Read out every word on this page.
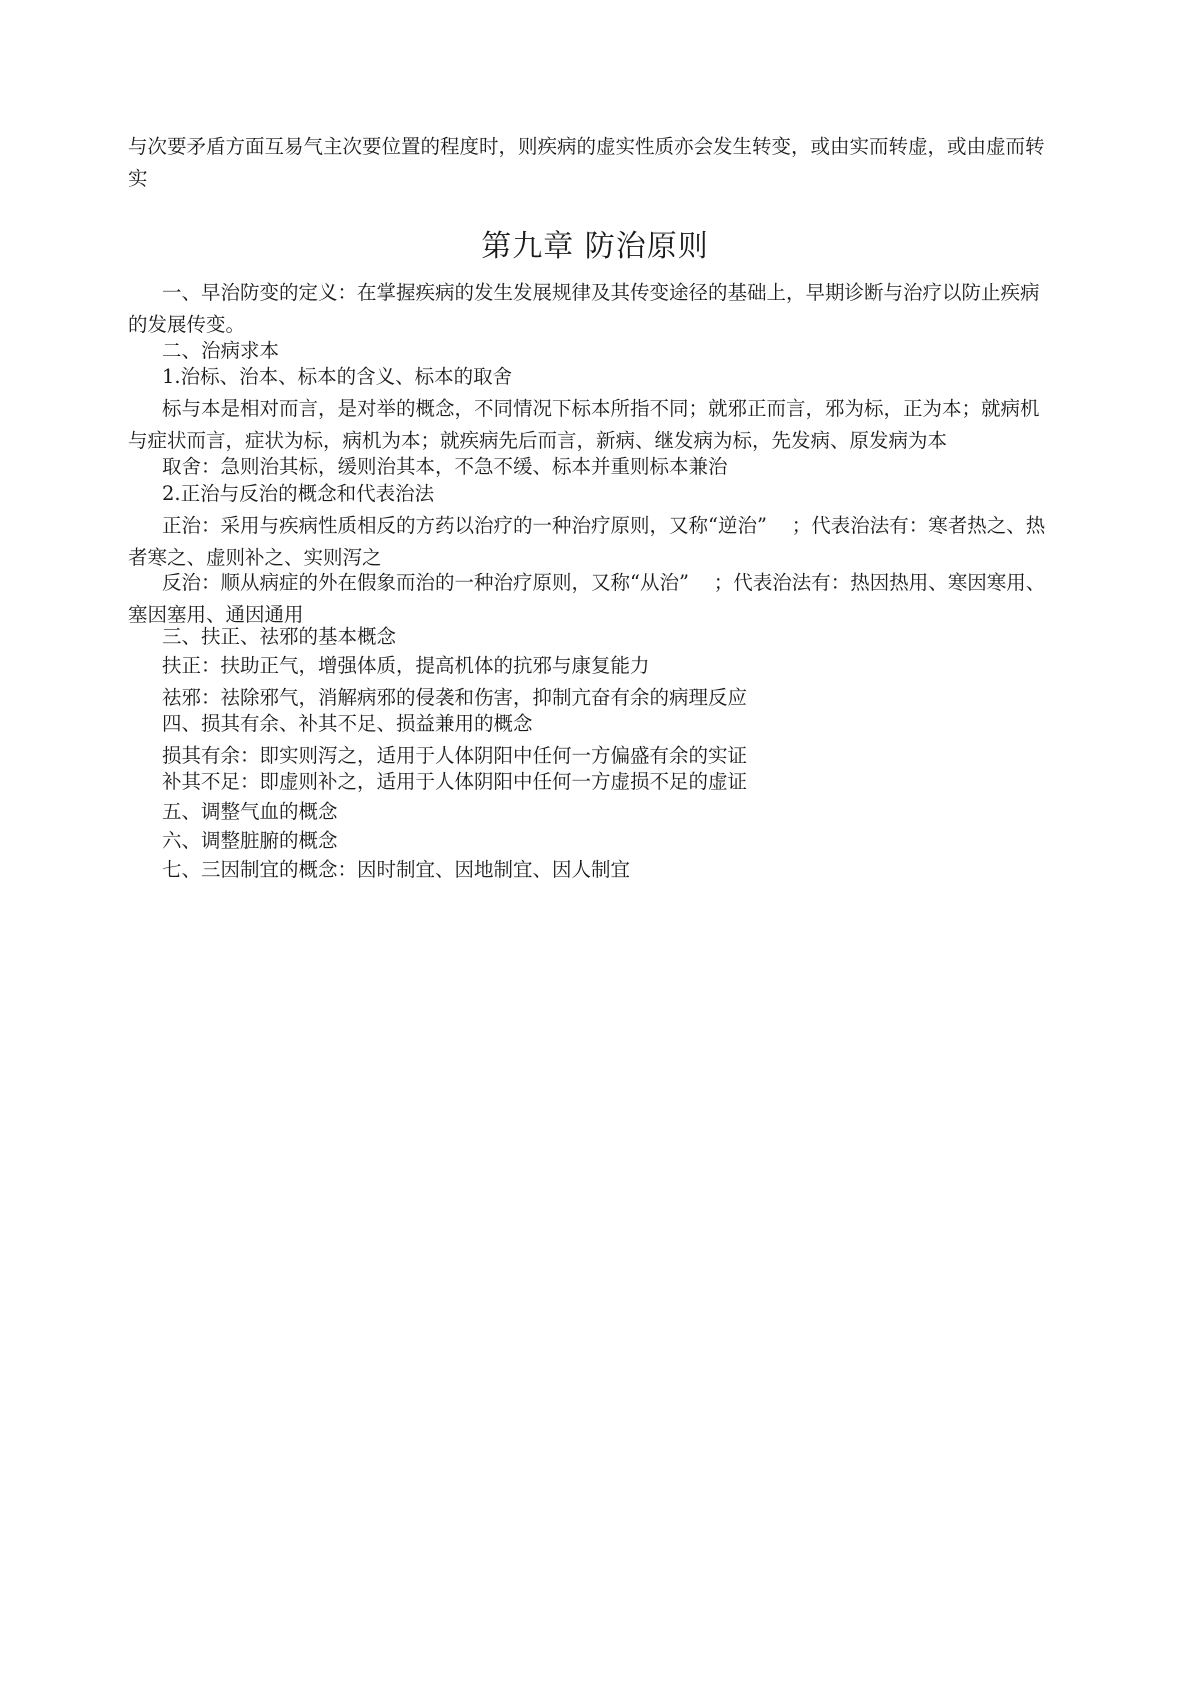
与次要矛盾方面互易气主次要位置的程度时，则疾病的虚实性质亦会发生转变，或由实而转虚，或由虚而转
实
第九章 防治原则
一、早治防变的定义：在掌握疾病的发生发展规律及其传变途径的基础上，早期诊断与治疗以防止疾病的发展传变。
二、治病求本
1.治标、治本、标本的含义、标本的取舍
标与本是相对而言，是对举的概念，不同情况下标本所指不同；就邪正而言，邪为标，正为本；就病机与症状而言，症状为标，病机为本；就疾病先后而言，新病、继发病为标，先发病、原发病为本
取舍：急则治其标，缓则治其本，不急不缓、标本并重则标本兼治
2.正治与反治的概念和代表治法
正治：采用与疾病性质相反的方药以治疗的一种治疗原则，又称“逆治”    ；代表治法有：寒者热之、热者寒之、虚则补之、实则泻之
反治：顺从病症的外在假象而治的一种治疗原则，又称“从治”    ；代表治法有：热因热用、寒因寒用、塞因塞用、通因通用
三、扶正、祛邪的基本概念
扶正：扶助正气，增强体质，提高机体的抗邪与康复能力
祛邪：祛除邪气，消解病邪的侵袭和伤害，抑制亢奋有余的病理反应
四、损其有余、补其不足、损益兼用的概念
损其有余：即实则泻之，适用于人体阴阳中任何一方偏盛有余的实证
补其不足：即虚则补之，适用于人体阴阳中任何一方虚损不足的虚证
五、调整气血的概念
六、调整脏腑的概念
七、三因制宜的概念：因时制宜、因地制宜、因人制宜
